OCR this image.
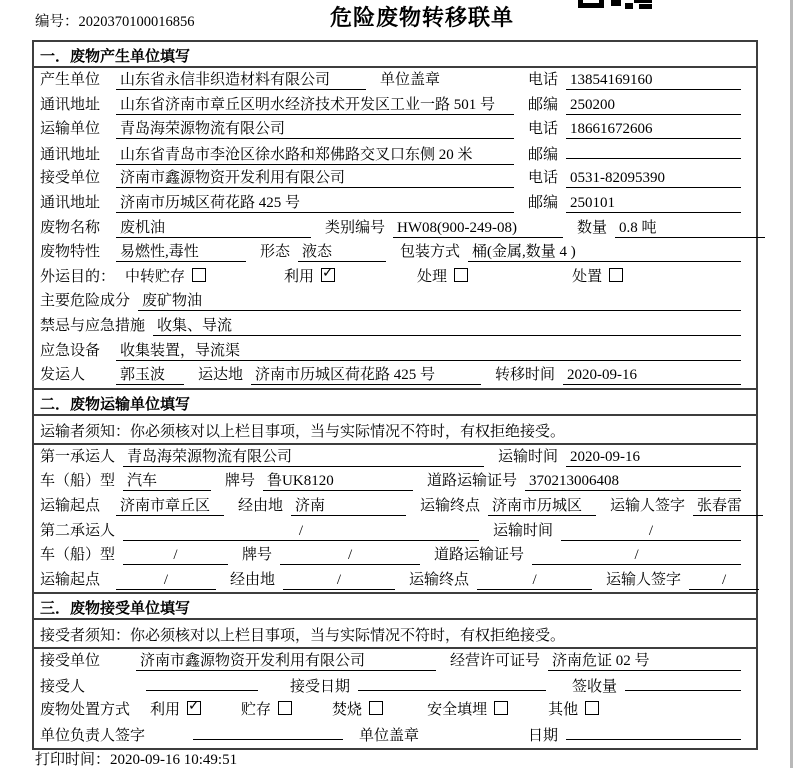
编号：2020370100016856	危险废物转移联单
一．废物产生单位填写
产生单位	山东省永信非织造材料有限公司	单位盖章	电话 13854169160
通讯地址	山东省济南市章丘区明水经济技术开发区工业一路 501 号	邮编 250200
运输单位	青岛海荣源物流有限公司	电话 18661672606
通讯地址	山东省青岛市李沧区徐水路和郑佛路交叉口东侧 20 米	邮编
接受单位	济南市鑫源物资开发利用有限公司	电话 0531-82095390
通讯地址	济南市历城区荷花路 425 号	邮编 250101
废物名称	废机油	类别编号 HW08(900-249-08)	数量 0.8 吨
废物特性	易燃性,毒性	形态 液态	包装方式 桶(金属,数量 4 )
外运目的： 中转贮存	利用 ✓	处理	处置
主要危险成分 废矿物油
禁忌与应急措施 收集、导流
应急设备	收集装置，导流渠
发运人	郭玉波	运达地 济南市历城区荷花路 425 号	转移时间 2020-09-16
二．废物运输单位填写
运输者须知：你必须核对以上栏目事项，当与实际情况不符时，有权拒绝接受。
第一承运人 青岛海荣源物流有限公司	运输时间 2020-09-16
车（船）型 汽车	牌号 鲁UK8120	道路运输证号 370213006408
运输起点	济南市章丘区	经由地 济南	运输终点 济南市历城区	运输人签字 张春雷
第二承运人	/	运输时间	/
车（船）型	/	牌号	/	道路运输证号	/
运输起点	/	经由地	/	运输终点	/	运输人签字	/
三．废物接受单位填写
接受者须知：你必须核对以上栏目事项，当与实际情况不符时，有权拒绝接受。
接受单位	济南市鑫源物资开发利用有限公司	经营许可证号 济南危证 02 号
接受人	接受日期	签收量
废物处置方式 利用 ✓	贮存	焚烧	安全填埋	其他
单位负责人签字	单位盖章	日期
打印时间：2020-09-16 10:49:51
